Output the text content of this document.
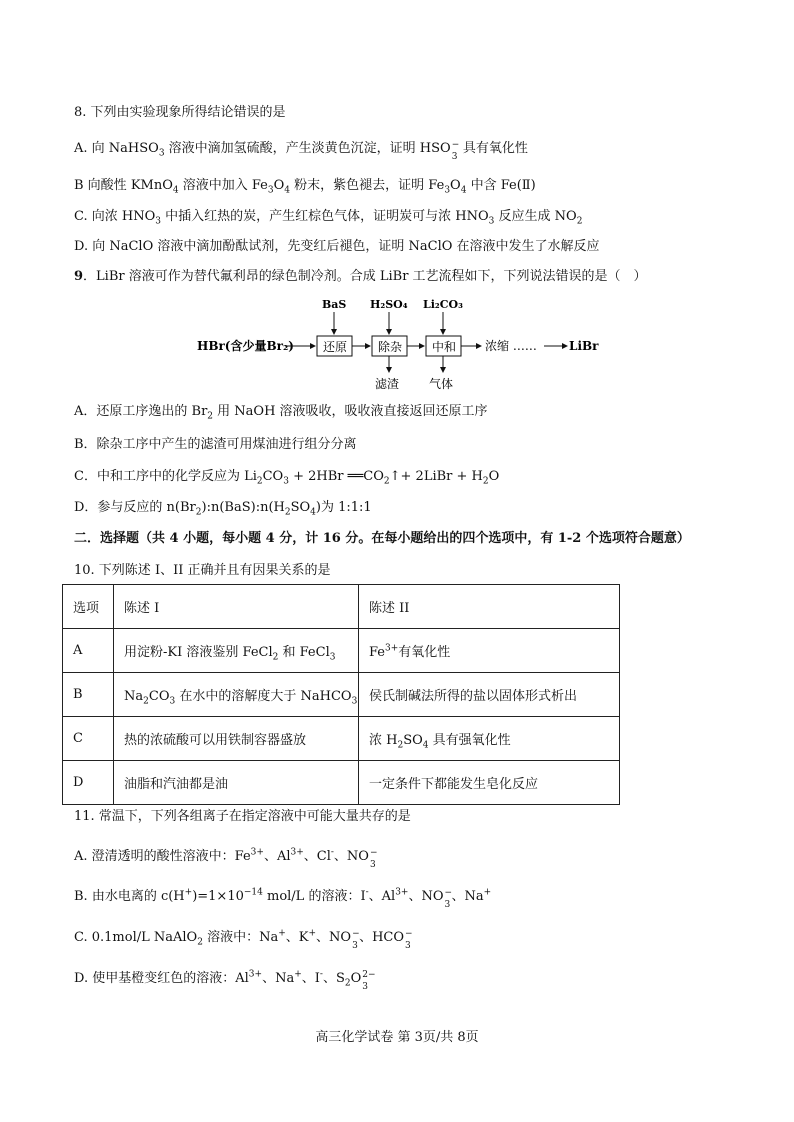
8. 下列由实验现象所得结论错误的是
A. 向 NaHSO$_3$ 溶液中滴加氢硫酸，产生淡黄色沉淀，证明 HSO −
3
具有氧化性
B 向酸性 KMnO$_4$ 溶液中加入 $Fe_3O_4$ 粉末，紫色褪去，证明 $Fe_3O_4$ 中含 Fe(Ⅱ)
C. 向浓 $HNO_3$ 中插入红热的炭，产生红棕色气体，证明炭可与浓 $HNO_3$ 反应生成 $NO_2$
D. 向 NaClO 溶液中滴加酚酞试剂，先变红后褪色，证明 NaClO 在溶液中发生了水解反应
9．LiBr 溶液可作为替代氟利昂的绿色制冷剂。合成 LiBr 工艺流程如下，下列说法错误的是（　）
HBr(含少量Br₂) 还原	除杂 中和 浓缩 ……	LiBr
BaS H₂SO₄ Li₂CO₃
滤渣 气体
A．还原工序逸出的 $Br_2$ 用 NaOH 溶液吸收，吸收液直接返回还原工序
B．除杂工序中产生的滤渣可用煤油进行组分分离
C．中和工序中的化学反应为 $Li_2CO_3 + 2HBr$ $══CO_2↑+$ 2LiBr + $H_2O$
D．参与反应的 $n(Br_2):n(BaS):n(H_2SO_4)$为 1:1:1
二．选择题（共 4 小题，每小题 4 分，计 16 分。在每小题给出的四个选项中，有 1-2 个选项符合题意）
10. 下列陈述 I、II 正确并且有因果关系的是
选项	陈述 I	陈述 II
A	用淀粉-KI 溶液鉴别 FeCl$_2$ 和 FeCl$_3$	$Fe^{3+}$有氧化性
B	$Na_2CO_3$ 在水中的溶解度大于 NaHCO$_3$	侯氏制碱法所得的盐以固体形式析出
C	热的浓硫酸可以用铁制容器盛放	浓 $H_2SO_4$ 具有强氧化性
D	油脂和汽油都是油	一定条件下都能发生皂化反应
11. 常温下，下列各组离子在指定溶液中可能大量共存的是
A. 澄清透明的酸性溶液中：$Fe^{3+}$、$Al^{3+}$、Cl-、NO −
3
B. 由水电离的 $c(H^+)=1\times 10^{-14}$ mol/L 的溶液：I-、$Al^{3+}$、NO −
3
、Na+
C. 0.1mol/L NaAlO$_2$ 溶液中：Na+、K+、NO −
3
、HCO −
3
D. 使甲基橙变红色的溶液：$Al^{3+}$、Na+、I-、$S_2O$ 2−
3
高三化学试卷 第 3页/共 8页
